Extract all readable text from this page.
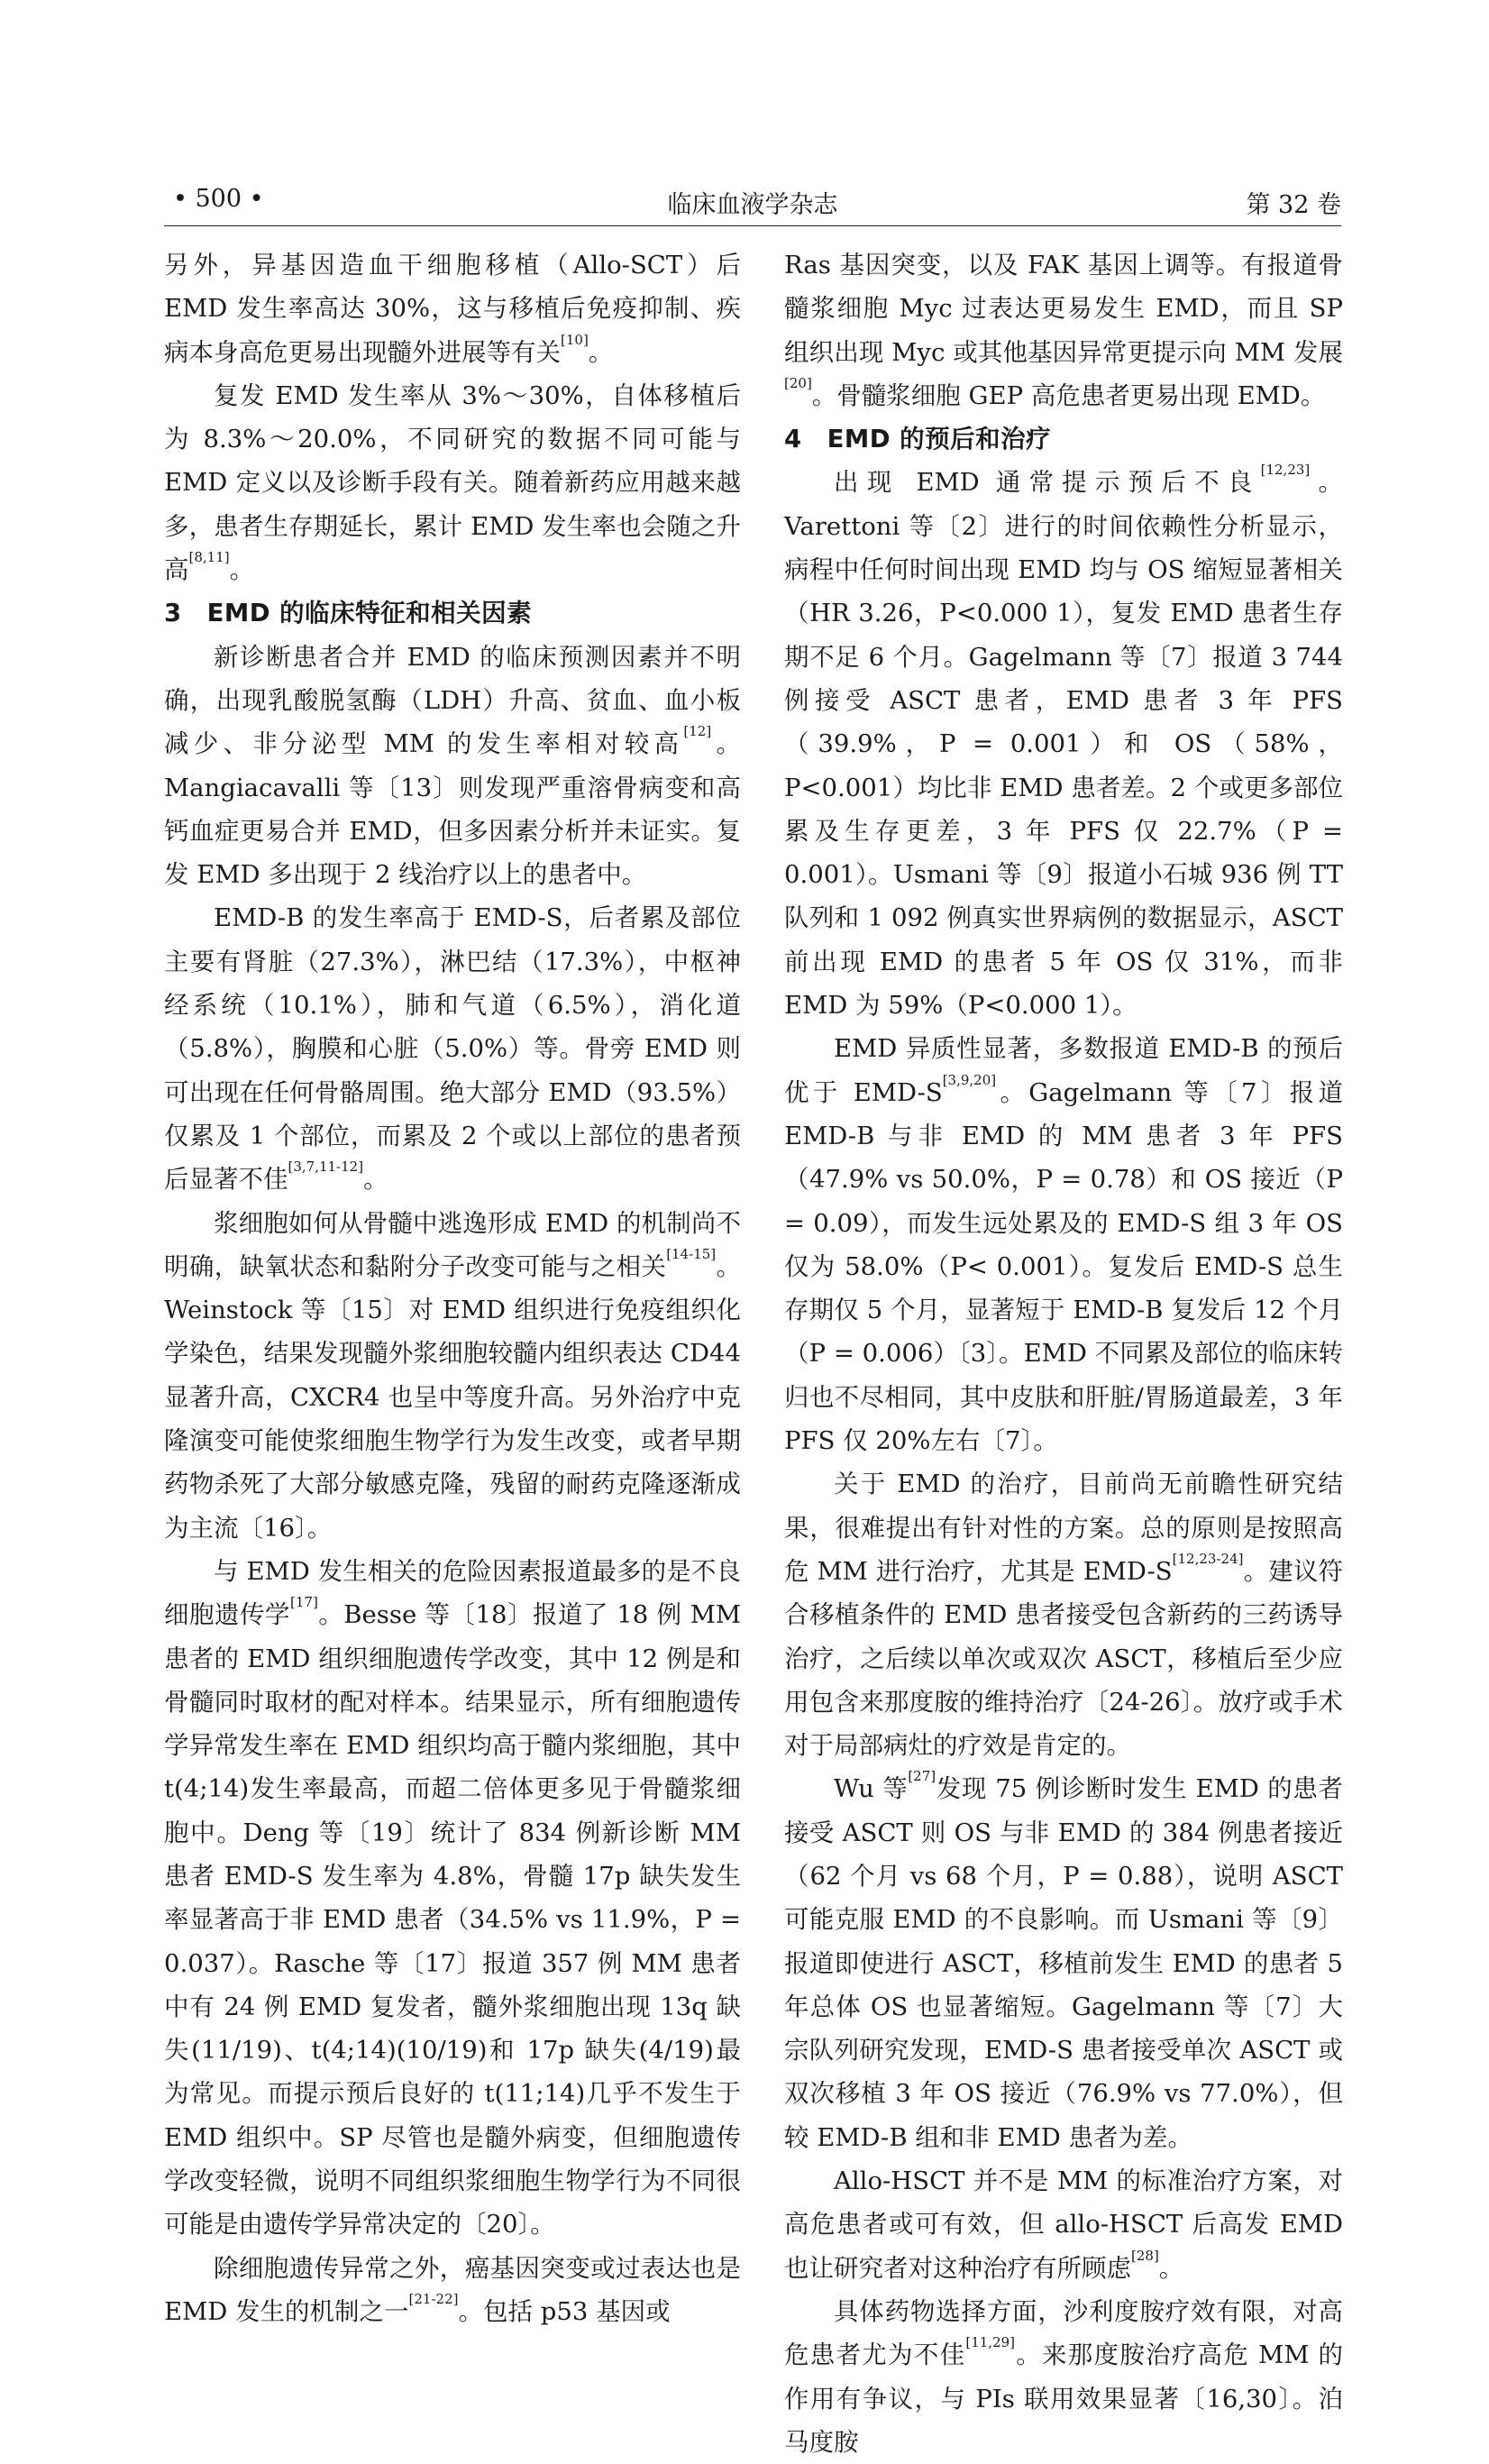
• 500 •	临床血液学杂志	第 32 卷

另外，异基因造血干细胞移植（Allo-SCT）后 EMD 发生率高达 30%，这与移植后免疫抑制、疾病本身高危更易出现髓外进展等有关[10]。

复发 EMD 发生率从 3%～30%，自体移植后为 8.3%～20.0%，不同研究的数据不同可能与 EMD 定义以及诊断手段有关。随着新药应用越来越多，患者生存期延长，累计 EMD 发生率也会随之升高[8,11]。

3　EMD 的临床特征和相关因素

新诊断患者合并 EMD 的临床预测因素并不明确，出现乳酸脱氢酶（LDH）升高、贫血、血小板减少、非分泌型 MM 的发生率相对较高[12]。Mangiacavalli 等〔13〕则发现严重溶骨病变和高钙血症更易合并 EMD，但多因素分析并未证实。复发 EMD 多出现于 2 线治疗以上的患者中。

EMD-B 的发生率高于 EMD-S，后者累及部位主要有肾脏（27.3%），淋巴结（17.3%），中枢神经系统（10.1%），肺和气道（6.5%），消化道（5.8%），胸膜和心脏（5.0%）等。骨旁 EMD 则可出现在任何骨骼周围。绝大部分 EMD（93.5%）仅累及 1 个部位，而累及 2 个或以上部位的患者预后显著不佳[3,7,11-12]。

浆细胞如何从骨髓中逃逸形成 EMD 的机制尚不明确，缺氧状态和黏附分子改变可能与之相关[14-15]。Weinstock 等〔15〕对 EMD 组织进行免疫组织化学染色，结果发现髓外浆细胞较髓内组织表达 CD44 显著升高，CXCR4 也呈中等度升高。另外治疗中克隆演变可能使浆细胞生物学行为发生改变，或者早期药物杀死了大部分敏感克隆，残留的耐药克隆逐渐成为主流〔16〕。

与 EMD 发生相关的危险因素报道最多的是不良细胞遗传学[17]。Besse 等〔18〕报道了 18 例 MM 患者的 EMD 组织细胞遗传学改变，其中 12 例是和骨髓同时取材的配对样本。结果显示，所有细胞遗传学异常发生率在 EMD 组织均高于髓内浆细胞，其中 t(4;14)发生率最高，而超二倍体更多见于骨髓浆细胞中。Deng 等〔19〕统计了 834 例新诊断 MM 患者 EMD-S 发生率为 4.8%，骨髓 17p 缺失发生率显著高于非 EMD 患者（34.5% vs 11.9%，P = 0.037）。Rasche 等〔17〕报道 357 例 MM 患者中有 24 例 EMD 复发者，髓外浆细胞出现 13q 缺失(11/19)、t(4;14)(10/19)和 17p 缺失(4/19)最为常见。而提示预后良好的 t(11;14)几乎不发生于 EMD 组织中。SP 尽管也是髓外病变，但细胞遗传学改变轻微，说明不同组织浆细胞生物学行为不同很可能是由遗传学异常决定的〔20〕。

除细胞遗传异常之外，癌基因突变或过表达也是 EMD 发生的机制之一[21-22]。包括 p53 基因或

Ras 基因突变，以及 FAK 基因上调等。有报道骨髓浆细胞 Myc 过表达更易发生 EMD，而且 SP 组织出现 Myc 或其他基因异常更提示向 MM 发展[20]。骨髓浆细胞 GEP 高危患者更易出现 EMD。

4　EMD 的预后和治疗

出现 EMD 通常提示预后不良[12,23]。Varettoni 等〔2〕进行的时间依赖性分析显示，病程中任何时间出现 EMD 均与 OS 缩短显著相关（HR 3.26，P<0.000 1），复发 EMD 患者生存期不足 6 个月。Gagelmann 等〔7〕报道 3 744 例接受 ASCT 患者，EMD 患者 3 年 PFS（39.9%，P = 0.001）和 OS（58%，P<0.001）均比非 EMD 患者差。2 个或更多部位累及生存更差，3 年 PFS 仅 22.7%（P = 0.001）。Usmani 等〔9〕报道小石城 936 例 TT 队列和 1 092 例真实世界病例的数据显示，ASCT 前出现 EMD 的患者 5 年 OS 仅 31%，而非 EMD 为 59%（P<0.000 1）。

EMD 异质性显著，多数报道 EMD-B 的预后优于 EMD-S[3,9,20]。Gagelmann 等〔7〕报道 EMD-B 与非 EMD 的 MM 患者 3 年 PFS（47.9% vs 50.0%，P = 0.78）和 OS 接近（P = 0.09），而发生远处累及的 EMD-S 组 3 年 OS 仅为 58.0%（P< 0.001）。复发后 EMD-S 总生存期仅 5 个月，显著短于 EMD-B 复发后 12 个月（P = 0.006）〔3〕。EMD 不同累及部位的临床转归也不尽相同，其中皮肤和肝脏/胃肠道最差，3 年 PFS 仅 20%左右〔7〕。

关于 EMD 的治疗，目前尚无前瞻性研究结果，很难提出有针对性的方案。总的原则是按照高危 MM 进行治疗，尤其是 EMD-S[12,23-24]。建议符合移植条件的 EMD 患者接受包含新药的三药诱导治疗，之后续以单次或双次 ASCT，移植后至少应用包含来那度胺的维持治疗〔24-26〕。放疗或手术对于局部病灶的疗效是肯定的。

Wu 等[27]发现 75 例诊断时发生 EMD 的患者接受 ASCT 则 OS 与非 EMD 的 384 例患者接近（62 个月 vs 68 个月，P = 0.88），说明 ASCT 可能克服 EMD 的不良影响。而 Usmani 等〔9〕报道即使进行 ASCT，移植前发生 EMD 的患者 5 年总体 OS 也显著缩短。Gagelmann 等〔7〕大宗队列研究发现，EMD-S 患者接受单次 ASCT 或双次移植 3 年 OS 接近（76.9% vs 77.0%），但较 EMD-B 组和非 EMD 患者为差。

Allo-HSCT 并不是 MM 的标准治疗方案，对高危患者或可有效，但 allo-HSCT 后高发 EMD 也让研究者对这种治疗有所顾虑[28]。

具体药物选择方面，沙利度胺疗效有限，对高危患者尤为不佳[11,29]。来那度胺治疗高危 MM 的作用有争议，与 PIs 联用效果显著〔16,30〕。泊马度胺
